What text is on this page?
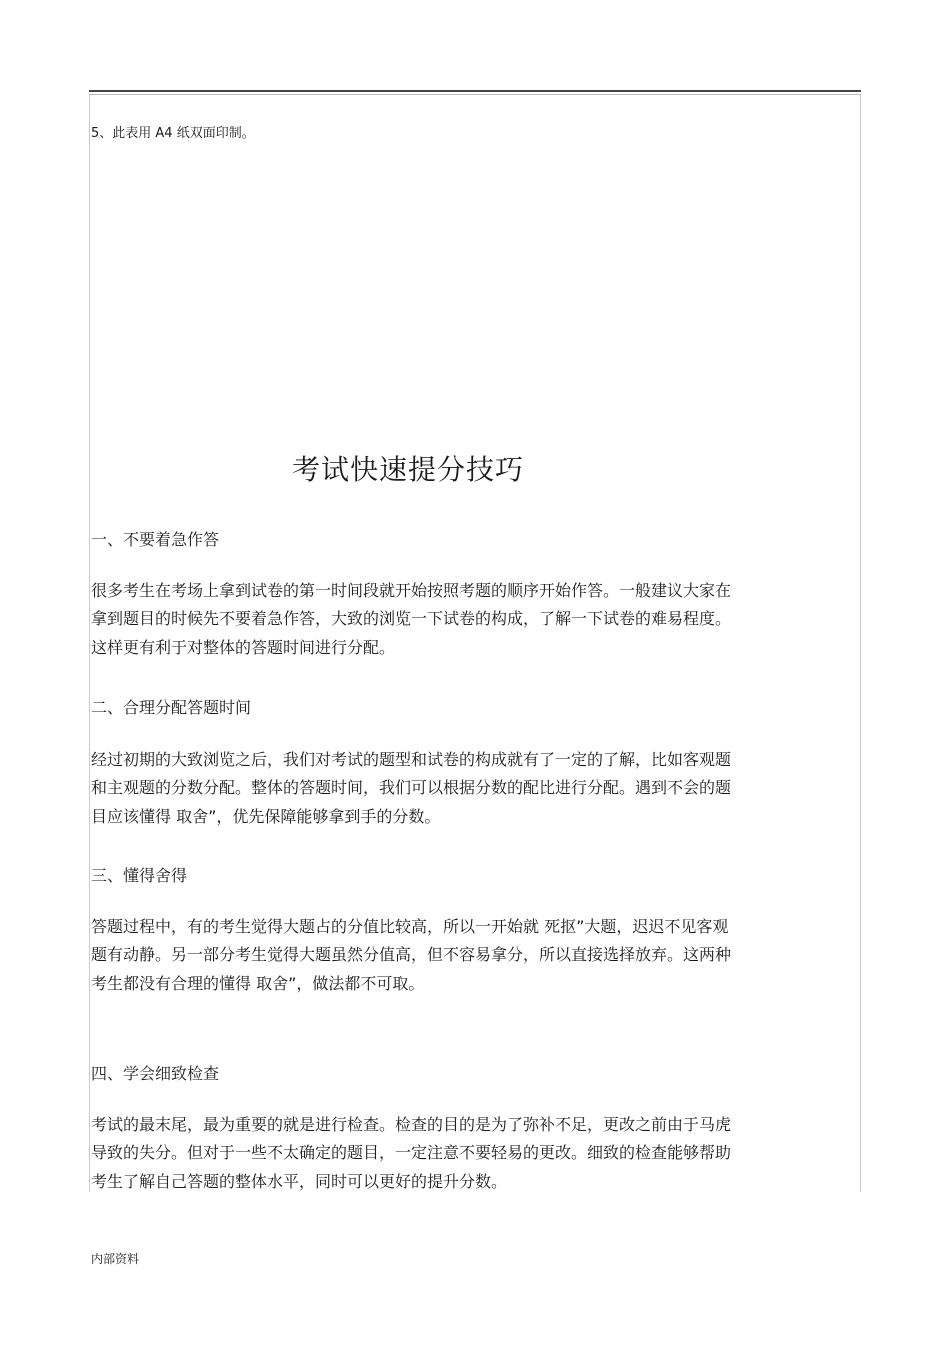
5、此表用 A4 纸双面印制。
考试快速提分技巧
一、不要着急作答
很多考生在考场上拿到试卷的第一时间段就开始按照考题的顺序开始作答。一般建议大家在
拿到题目的时候先不要着急作答，大致的浏览一下试卷的构成，了解一下试卷的难易程度。
这样更有利于对整体的答题时间进行分配。
二、合理分配答题时间
经过初期的大致浏览之后，我们对考试的题型和试卷的构成就有了一定的了解，比如客观题
和主观题的分数分配。整体的答题时间，我们可以根据分数的配比进行分配。遇到不会的题
目应该懂得 取舍”，优先保障能够拿到手的分数。
三、懂得舍得
答题过程中，有的考生觉得大题占的分值比较高，所以一开始就 死抠”大题，迟迟不见客观
题有动静。另一部分考生觉得大题虽然分值高，但不容易拿分，所以直接选择放弃。这两种
考生都没有合理的懂得 取舍”，做法都不可取。
四、学会细致检查
考试的最末尾，最为重要的就是进行检查。检查的目的是为了弥补不足，更改之前由于马虎
导致的失分。但对于一些不太确定的题目，一定注意不要轻易的更改。细致的检查能够帮助
考生了解自己答题的整体水平，同时可以更好的提升分数。
内部资料
